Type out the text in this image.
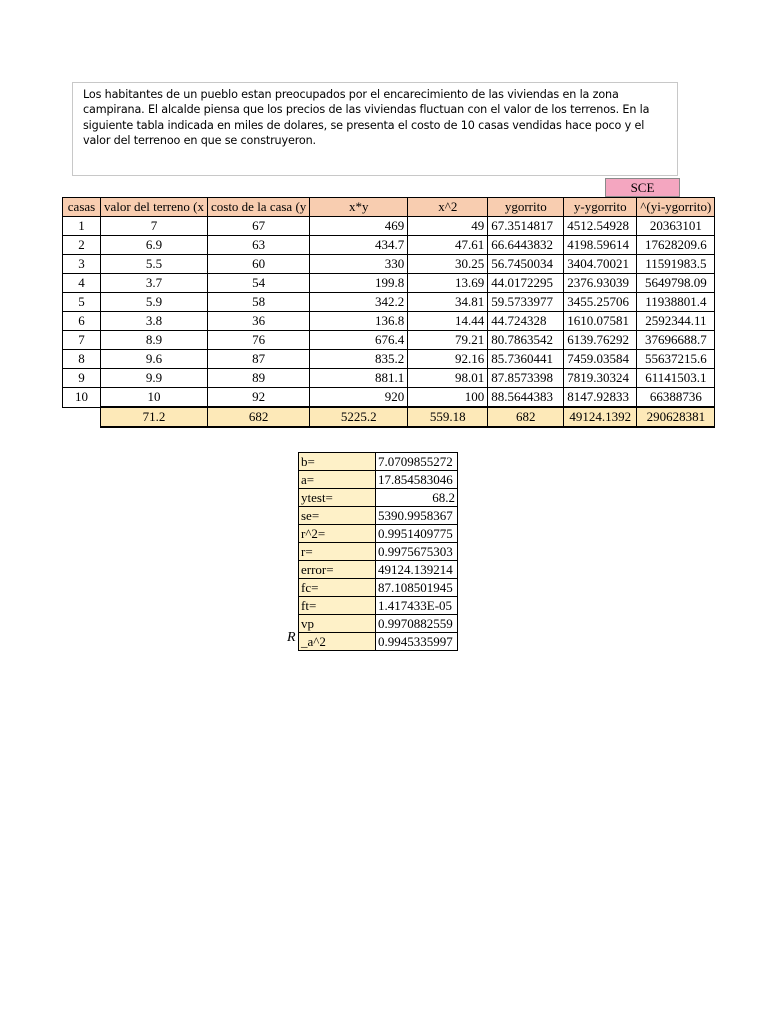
Los habitantes de un pueblo estan preocupados por el encarecimiento de las viviendas en la zona campirana. El alcalde piensa que los precios de las viviendas fluctuan con el valor de los terrenos. En la siguiente tabla indicada en miles de dolares, se presenta el costo de 10 casas vendidas hace poco y el valor del terrenoo en que se construyeron.
SCE
casas	valor del terreno (x	costo de la casa (y	x*y	x^2	ygorrito	y-ygorrito	(yi-ygorrito)^
1	7	67	469	49	67.3514817	4512.54928	20363101
2	6.9	63	434.7	47.61	66.6443832	4198.59614	17628209.6
3	5.5	60	330	30.25	56.7450034	3404.70021	11591983.5
4	3.7	54	199.8	13.69	44.0172295	2376.93039	5649798.09
5	5.9	58	342.2	34.81	59.5733977	3455.25706	11938801.4
6	3.8	36	136.8	14.44	44.724328	1610.07581	2592344.11
7	8.9	76	676.4	79.21	80.7863542	6139.76292	37696688.7
8	9.6	87	835.2	92.16	85.7360441	7459.03584	55637215.6
9	9.9	89	881.1	98.01	87.8573398	7819.30324	61141503.1
10	10	92	920	100	88.5644383	8147.92833	66388736
	71.2	682	5225.2	559.18	682	49124.1392	290628381
b=	7.0709855272
a=	17.854583046
ytest=	68.2
se=	5390.9958367
r^2=	0.9951409775
r=	0.9975675303
error=	49124.139214
fc=	87.108501945
ft=	1.417433E-05
vp	0.9970882559
_a^2	0.9945335997
R
